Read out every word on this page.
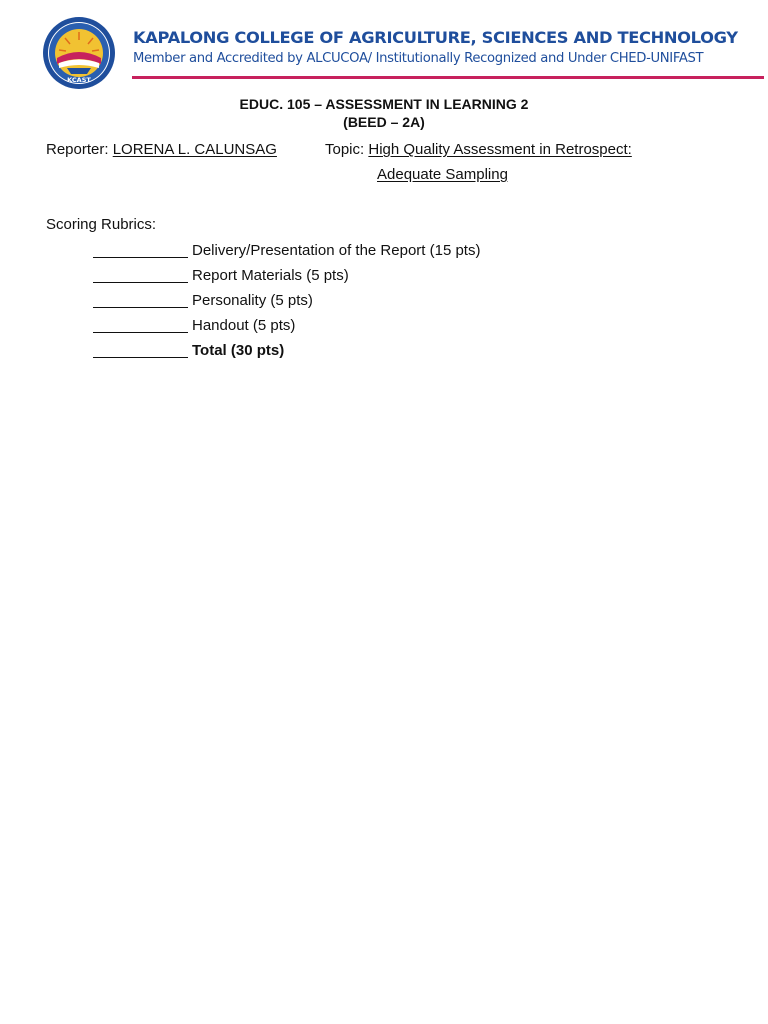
KCAST
KAPALONG COLLEGE OF AGRICULTURE, SCIENCES AND TECHNOLOGY
Member and Accredited by ALCUCOA/ Institutionally Recognized and Under CHED-UNIFAST
EDUC. 105 – ASSESSMENT IN LEARNING 2
(BEED – 2A)
Reporter: LORENA L. CALUNSAG	Topic: High Quality Assessment in Retrospect:
Adequate Sampling
Scoring Rubrics:
Delivery/Presentation of the Report (15 pts)
Report Materials (5 pts)
Personality (5 pts)
Handout (5 pts)
Total (30 pts)
